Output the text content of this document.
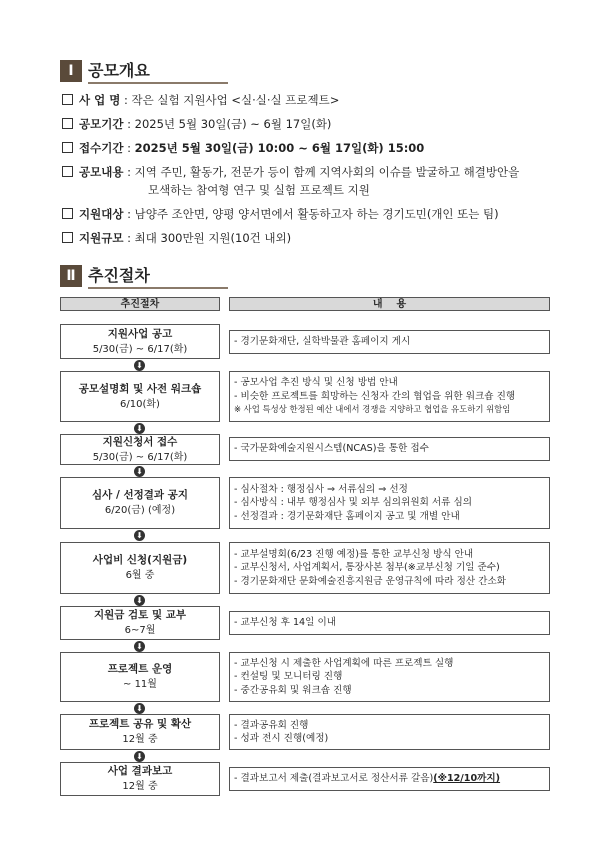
Ⅰ 공모개요
사 업 명 : 작은 실험 지원사업 <실·실·실 프로젝트>
공모기간 : 2025년 5월 30일(금) ~ 6월 17일(화)
접수기간 : 2025년 5월 30일(금) 10:00 ~ 6월 17일(화) 15:00
공모내용 : 지역 주민, 활동가, 전문가 등이 함께 지역사회의 이슈를 발굴하고 해결방안을
모색하는 참여형 연구 및 실험 프로젝트 지원
지원대상 : 남양주 조안면, 양평 양서면에서 활동하고자 하는 경기도민(개인 또는 팀)
지원규모 : 최대 300만원 지원(10건 내외)
Ⅱ 추진절차
추진절차	내    용
지원사업 공고
5/30(금) ~ 6/17(화)
- 경기문화재단, 실학박물관 홈페이지 게시
⬇
공모설명회 및 사전 워크숍
6/10(화)
- 공모사업 추진 방식 및 신청 방법 안내
- 비슷한 프로젝트를 희망하는 신청자 간의 협업을 위한 워크숍 진행
※ 사업 특성상 한정된 예산 내에서 경쟁을 지양하고 협업을 유도하기 위함임
⬇
지원신청서 접수
5/30(금) ~ 6/17(화)
- 국가문화예술지원시스템(NCAS)을 통한 접수
⬇
심사 / 선정결과 공지
6/20(금) (예정)
- 심사절차 : 행정심사 ⇒ 서류심의 ⇒ 선정
- 심사방식 : 내부 행정심사 및 외부 심의위원회 서류 심의
- 선정결과 : 경기문화재단 홈페이지 공고 및 개별 안내
⬇
사업비 신청(지원금)
6월 중
- 교부설명회(6/23 진행 예정)를 통한 교부신청 방식 안내
- 교부신청서, 사업계획서, 통장사본 첨부(※교부신청 기일 준수)
- 경기문화재단 문화예술진흥지원금 운영규칙에 따라 정산 간소화
⬇
지원금 검토 및 교부
6~7월
- 교부신청 후 14일 이내
⬇
프로젝트 운영
~ 11월
- 교부신청 시 제출한 사업계획에 따른 프로젝트 실행
- 컨설팅 및 모니터링 진행
- 중간공유회 및 워크숍 진행
⬇
프로젝트 공유 및 확산
12월 중
- 결과공유회 진행
- 성과 전시 진행(예정)
⬇
사업 결과보고
12월 중
- 결과보고서 제출(결과보고서로 정산서류 갈음)(※12/10까지)
